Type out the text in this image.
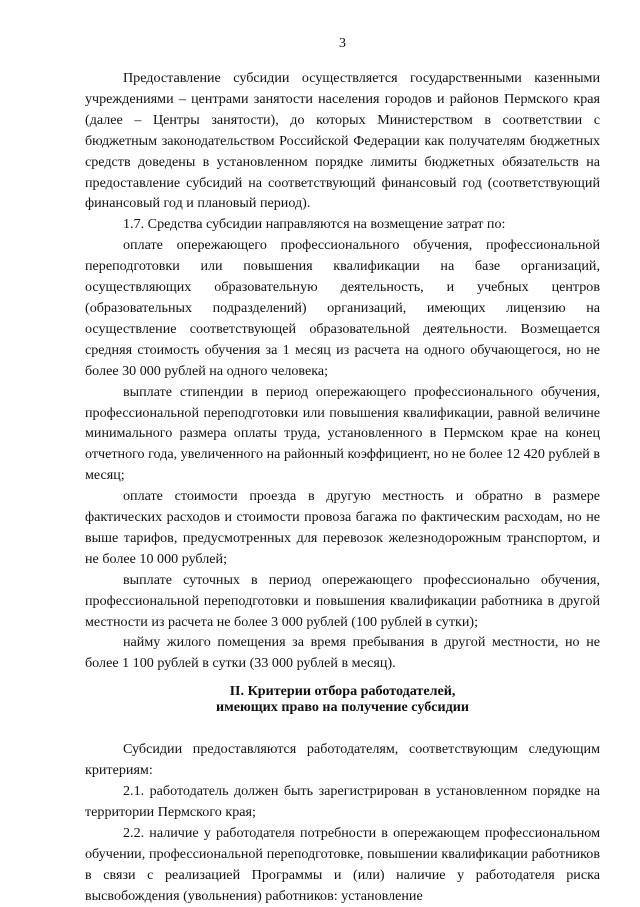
3

Предоставление субсидии осуществляется государственными казенными учреждениями – центрами занятости населения городов и районов Пермского края (далее – Центры занятости), до которых Министерством в соответствии с бюджетным законодательством Российской Федерации как получателям бюджетных средств доведены в установленном порядке лимиты бюджетных обязательств на предоставление субсидий на соответствующий финансовый год (соответствующий финансовый год и плановый период).

1.7. Средства субсидии направляются на возмещение затрат по:

оплате опережающего профессионального обучения, профессиональной переподготовки или повышения квалификации на базе организаций, осуществляющих образовательную деятельность, и учебных центров (образовательных подразделений) организаций, имеющих лицензию на осуществление соответствующей образовательной деятельности. Возмещается средняя стоимость обучения за 1 месяц из расчета на одного обучающегося, но не более 30 000 рублей на одного человека;

выплате стипендии в период опережающего профессионального обучения, профессиональной переподготовки или повышения квалификации, равной величине минимального размера оплаты труда, установленного в Пермском крае на конец отчетного года, увеличенного на районный коэффициент, но не более 12 420 рублей в месяц;

оплате стоимости проезда в другую местность и обратно в размере фактических расходов и стоимости провоза багажа по фактическим расходам, но не выше тарифов, предусмотренных для перевозок железнодорожным транспортом, и не более 10 000 рублей;

выплате суточных в период опережающего профессионально обучения, профессиональной переподготовки и повышения квалификации работника в другой местности из расчета не более 3 000 рублей (100 рублей в сутки);

найму жилого помещения за время пребывания в другой местности, но не более 1 100 рублей в сутки (33 000 рублей в месяц).

II. Критерии отбора работодателей,
имеющих право на получение субсидии

Субсидии предоставляются работодателям, соответствующим следующим критериям:

2.1. работодатель должен быть зарегистрирован в установленном порядке на территории Пермского края;

2.2. наличие у работодателя потребности в опережающем профессиональном обучении, профессиональной переподготовке, повышении квалификации работников в связи с реализацией Программы и (или) наличие у работодателя риска высвобождения (увольнения) работников: установление
